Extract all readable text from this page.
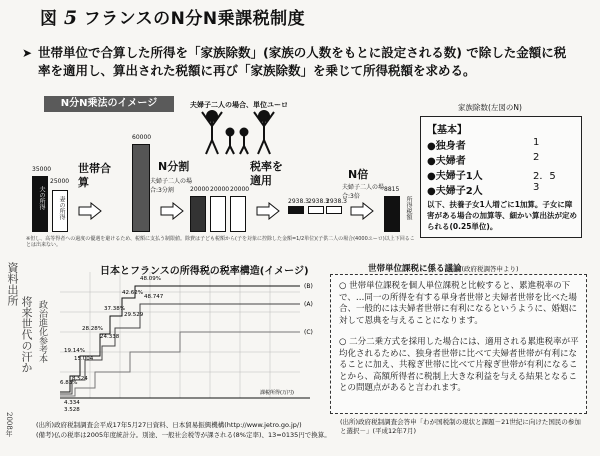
図 5 フランスのN分N乗課税制度
➤ 世帯単位で合算した所得を「家族除数」(家族の人数をもとに設定される数) で除した金額に税率を適用し、算出された税額に再び「家族除数」を乗じて所得税額を求める。
N分N乗法のイメージ	夫婦子二人の場合、単位ユーロ	家族除数(左図のN)
【基本】
●独身者	1
●夫婦者	2
●夫婦子1人	2．5
●夫婦子2人	3
以下、扶養子女1人増ごに1加算。子女に障害がある場合の加算等、細かい算出法が定められる(0.25単位)。
35000
夫の所得
25000
妻の所得
世帯合算
60000
N分割
夫婦子二人の場合:3分割	20000 20000 20000
税率を適用
2938.3 2938.3
2938.3
N倍
夫婦子二人の場合:3倍
8815
所得税額
※但し、高等得者への過度の優遇を避けるため、税額に支払う制限値。除費は子ども税額から(子を対象に控除した金額=1/2単位)(子供二人の場合(4000ユーロ)以上下回ることは出来ない。
日本とフランスの所得税の税率構造(イメージ)
(B)
(A)
(C)
48.09%
42.62%
48.747
37.38%
29.529
28.28%
24.338
19.14%
15.004
8.524
6.83%
4.334
3.528
課税所得(万円)
(出所)政府税制調査会平成17年5月27日資料、日本貿易振興機構(http://www.jetro.go.jp/)
(備考)仏の税率は2005年度統計分。別途、一般社会税等が課される(8%定率)、13=0135円で換算。
資料出所
将来世代の汗か 政治進化参考本
2008年
世帯単位課税に係る議論(政府税調答申より)
○ 世帯単位課税を個人単位課税と比較すると、累進税率の下で、…同一の所得を有する単身者世帯と夫婦者世帯を比べた場合、一般的には夫婦者世帯に有利になるというように、婚姻に対して恩典を与えることになります。
○ 二分二乗方式を採用した場合には、適用される累進税率が平均化されるために、独身者世帯に比べて夫婦者世帯が有利になることに加え、共稼ぎ世帯に比べて片稼ぎ世帯が有利になることから、高額所得者に税制上大きな利益を与える結果となることの問題点があると言われます。
(出所)政府税制調査会答申「わが国税制の現状と課題－21世紀に向けた国民の参加と選択－」(平成12年7月)
